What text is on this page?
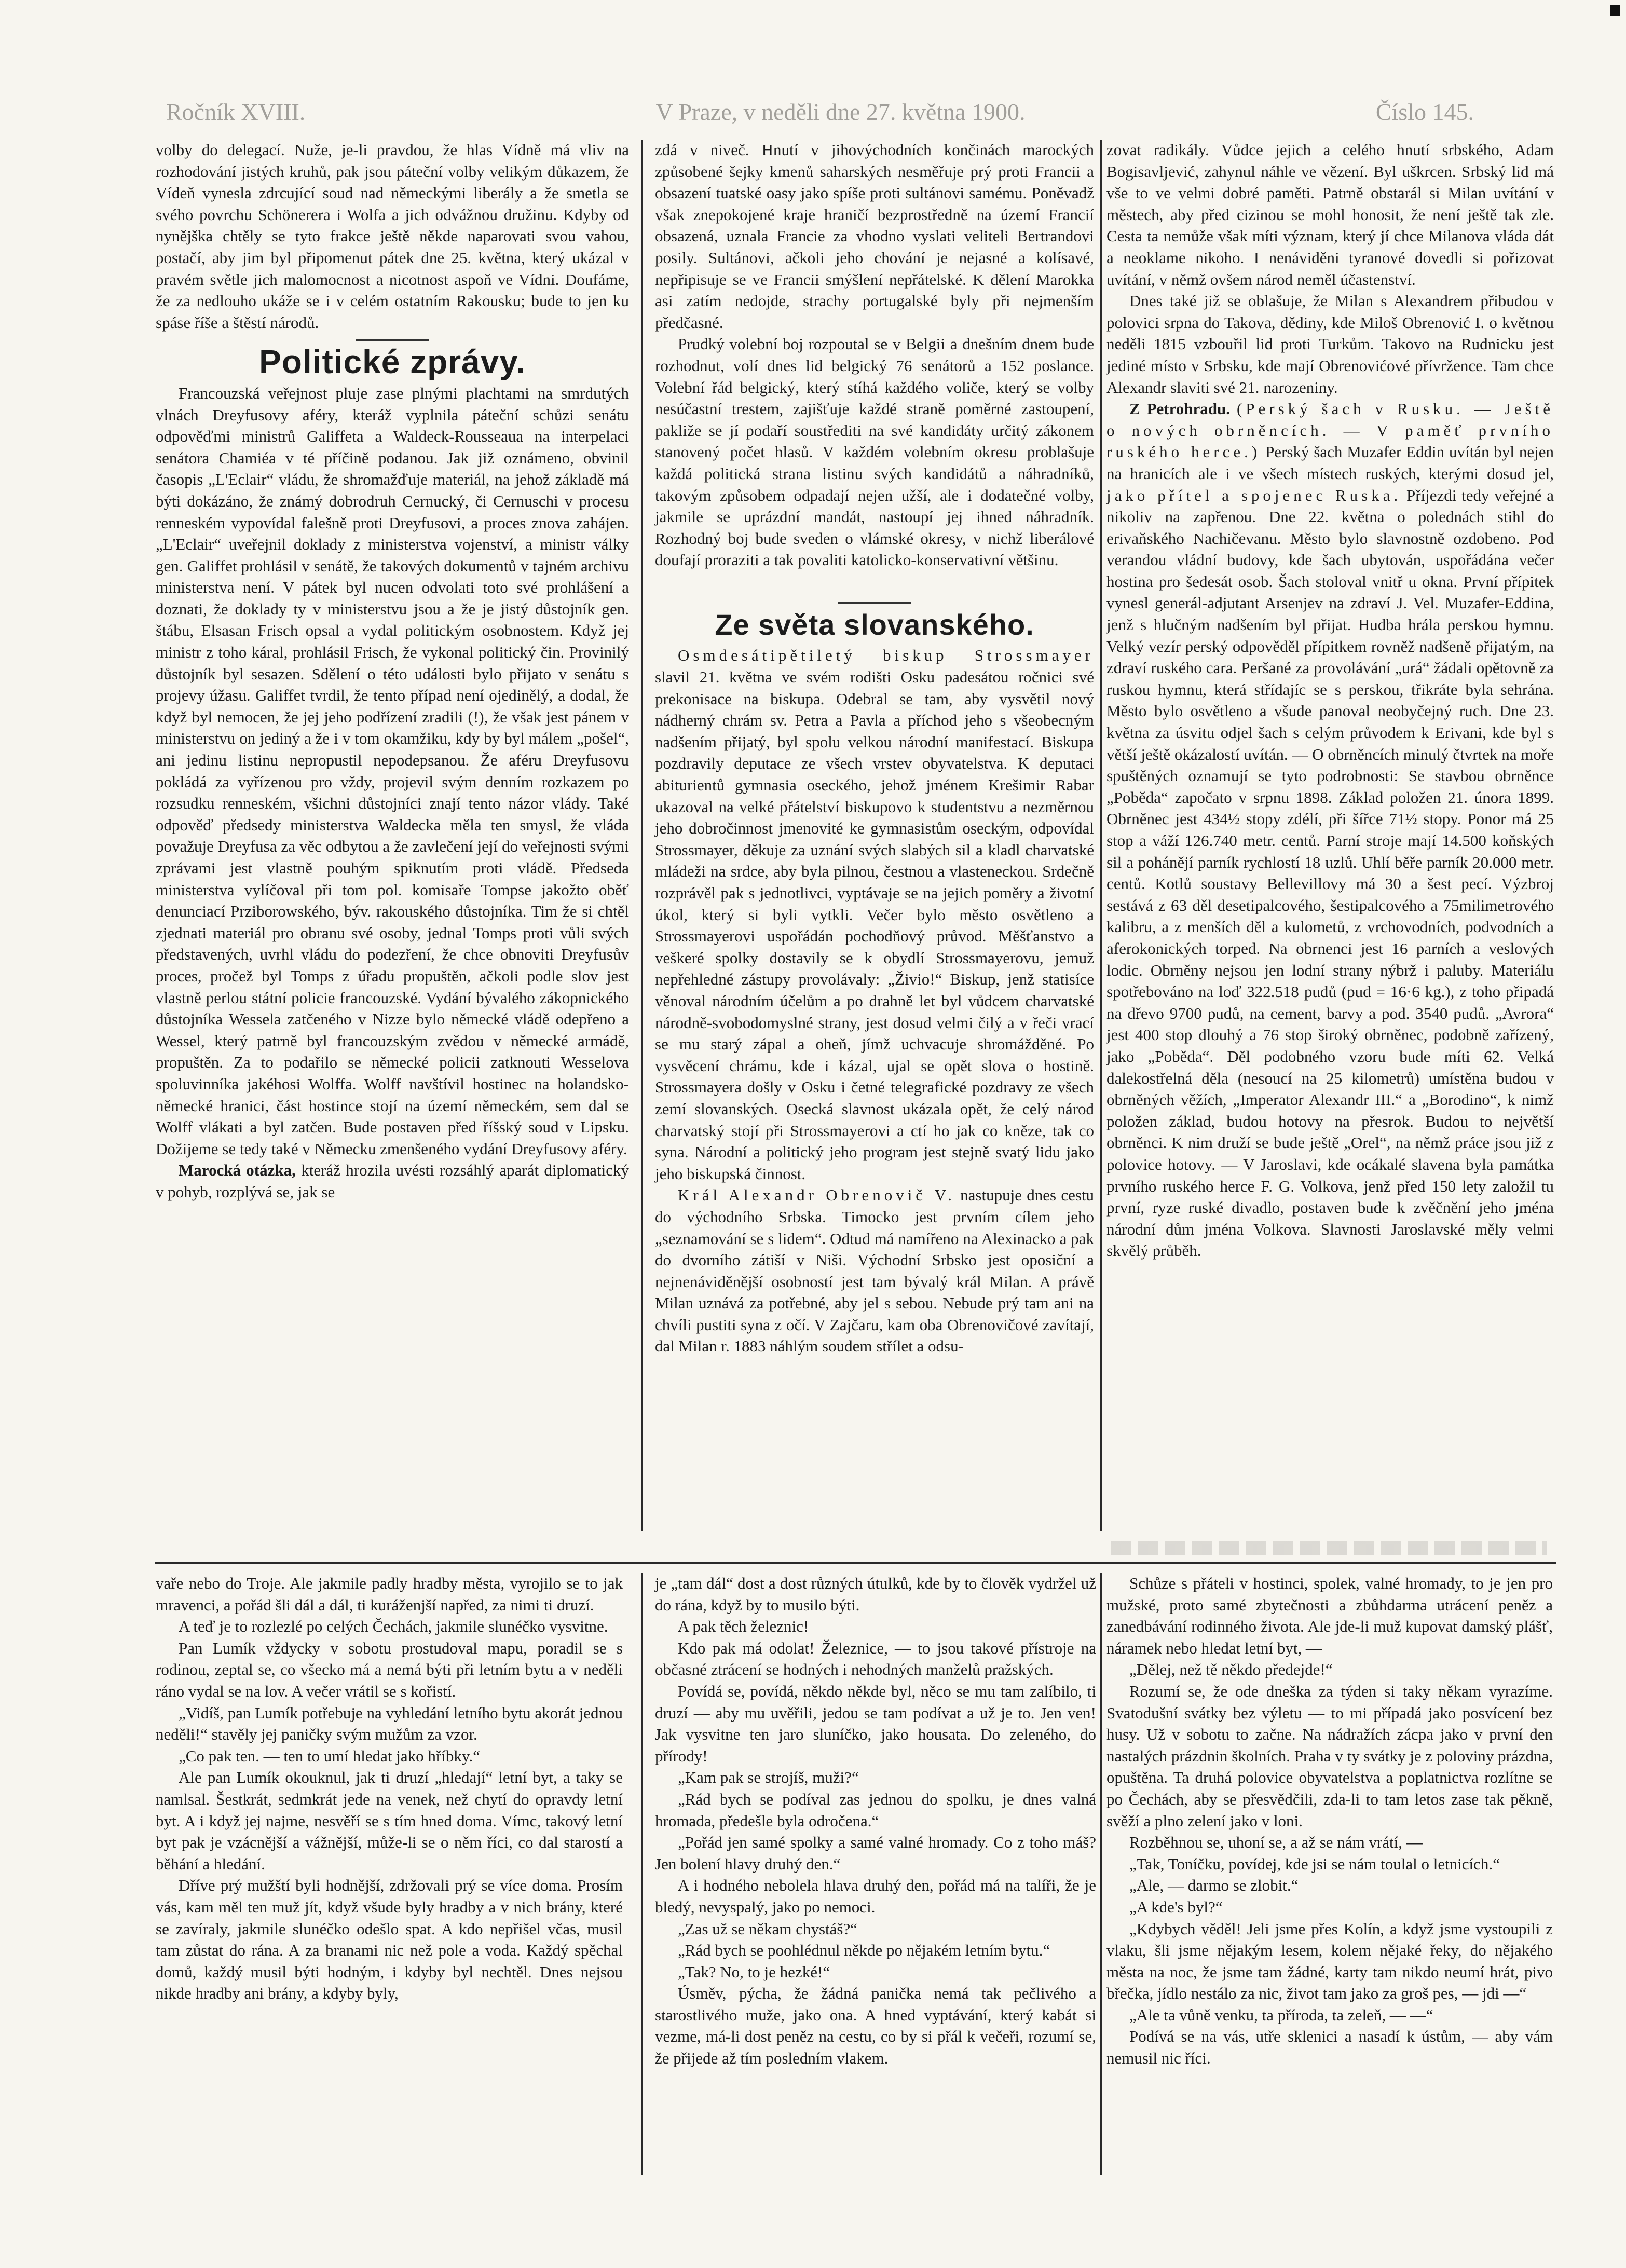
Ročník XVIII.	V Praze, v neděli dne 27. května 1900.	Číslo 145.

volby do delegací. Nuže, je-li pravdou, že hlas Vídně má vliv na rozhodování jistých kruhů, pak jsou páteční volby velikým důkazem, že Vídeň vynesla zdrcující soud nad německými liberály a že smetla se svého povrchu Schönerera i Wolfa a jich odvážnou družinu. Kdyby od nynějška chtěly se tyto frakce ještě někde naparovati svou vahou, postačí, aby jim byl připomenut pátek dne 25. května, který ukázal v pravém světle jich malomocnost a nicotnost aspoň ve Vídni. Doufáme, že za nedlouho ukáže se i v celém ostatním Rakousku; bude to jen ku spáse říše a štěstí národů.

Politické zprávy.

Francouzská veřejnost pluje zase plnými plachtami na smrdutých vlnách Dreyfusovy aféry, kteráž vyplnila páteční schůzi senátu odpověďmi ministrů Galiffeta a Waldeck-Rousseaua na interpelaci senátora Chamiéa v té příčině podanou. Jak již oznámeno, obvinil časopis „L'Eclair“ vládu, že shromažďuje materiál, na jehož základě má býti dokázáno, že známý dobrodruh Cernucký, či Cernuschi v procesu renneském vypovídal falešně proti Dreyfusovi, a proces znova zahájen. „L'Eclair“ uveřejnil doklady z ministerstva vojenství, a ministr války gen. Galiffet prohlásil v senátě, že takových dokumentů v tajném archivu ministerstva není. V pátek byl nucen odvolati toto své prohlášení a doznati, že doklady ty v ministerstvu jsou a že je jistý důstojník gen. štábu, Elsasan Frisch opsal a vydal politickým osobnostem. Když jej ministr z toho káral, prohlásil Frisch, že vykonal politický čin. Provinilý důstojník byl sesazen. Sdělení o této události bylo přijato v senátu s projevy úžasu. Galiffet tvrdil, že tento případ není ojedinělý, a dodal, že když byl nemocen, že jej jeho podřízení zradili (!), že však jest pánem v ministerstvu on jediný a že i v tom okamžiku, kdy by byl málem „pošel“, ani jedinu listinu nepropustil nepodepsanou. Že aféru Dreyfusovu pokládá za vyřízenou pro vždy, projevil svým denním rozkazem po rozsudku renneském, všichni důstojníci znají tento názor vlády. Také odpověď předsedy ministerstva Waldecka měla ten smysl, že vláda považuje Dreyfusa za věc odbytou a že zavlečení její do veřejnosti svými zprávami jest vlastně pouhým spiknutím proti vládě. Předseda ministerstva vylíčoval při tom pol. komisaře Tompse jakožto oběť denunciací Prziborowského, býv. rakouského důstojníka. Tim že si chtěl zjednati materiál pro obranu své osoby, jednal Tomps proti vůli svých představených, uvrhl vládu do podezření, že chce obnoviti Dreyfusův proces, pročež byl Tomps z úřadu propuštěn, ačkoli podle slov jest vlastně perlou státní policie francouzské. Vydání bývalého zákopnického důstojníka Wessela zatčeného v Nizze bylo německé vládě odepřeno a Wessel, který patrně byl francouzským zvědou v německé armádě, propuštěn. Za to podařilo se německé policii zatknouti Wesselova spoluvinníka jakéhosi Wolffa. Wolff navštívil hostinec na holandsko-německé hranici, část hostince stojí na území německém, sem dal se Wolff vlákati a byl zatčen. Bude postaven před říšský soud v Lipsku. Dožijeme se tedy také v Německu zmenšeného vydání Dreyfusovy aféry.

Marocká otázka, kteráž hrozila uvésti rozsáhlý aparát diplomatický v pohyb, rozplývá se, jak se

zdá v niveč. Hnutí v jihovýchodních končinách marockých způsobené šejky kmenů saharských nesměřuje prý proti Francii a obsazení tuatské oasy jako spíše proti sultánovi samému. Poněvadž však znepokojené kraje hraničí bezprostředně na území Francií obsazená, uznala Francie za vhodno vyslati veliteli Bertrandovi posily. Sultánovi, ačkoli jeho chování je nejasné a kolísavé, nepřipisuje se ve Francii smýšlení nepřátelské. K dělení Marokka asi zatím nedojde, strachy portugalské byly při nejmenším předčasné.

Prudký volební boj rozpoutal se v Belgii a dnešním dnem bude rozhodnut, volí dnes lid belgický 76 senátorů a 152 poslance. Volební řád belgický, který stíhá každého voliče, který se volby nesúčastní trestem, zajišťuje každé straně poměrné zastoupení, pakliže se jí podaří soustřediti na své kandidáty určitý zákonem stanovený počet hlasů. V každém volebním okresu problašuje každá politická strana listinu svých kandidátů a náhradníků, takovým způsobem odpadají nejen užší, ale i dodatečné volby, jakmile se uprázdní mandát, nastoupí jej ihned náhradník. Rozhodný boj bude sveden o vlámské okresy, v nichž liberálové doufají proraziti a tak povaliti katolicko-konservativní většinu.

Ze světa slovanského.

Osmdesátipětiletý biskup Strossmayer slavil 21. května ve svém rodišti Osku padesátou ročnici své prekonisace na biskupa. Odebral se tam, aby vysvětil nový nádherný chrám sv. Petra a Pavla a příchod jeho s všeobecným nadšením přijatý, byl spolu velkou národní manifestací. Biskupa pozdravily deputace ze všech vrstev obyvatelstva. K deputaci abiturientů gymnasia oseckého, jehož jménem Krešimir Rabar ukazoval na velké přátelství biskupovo k studentstvu a nezměrnou jeho dobročinnost jmenovité ke gymnasistům oseckým, odpovídal Strossmayer, děkuje za uznání svých slabých sil a kladl charvatské mládeži na srdce, aby byla pilnou, čestnou a vlasteneckou. Srdečně rozprávěl pak s jednotlivci, vyptávaje se na jejich poměry a životní úkol, který si byli vytkli. Večer bylo město osvětleno a Strossmayerovi uspořádán pochodňový průvod. Měšťanstvo a veškeré spolky dostavily se k obydlí Strossmayerovu, jemuž nepřehledné zástupy provolávaly: „Živio!“ Biskup, jenž statisíce věnoval národním účelům a po drahně let byl vůdcem charvatské národně-svobodomyslné strany, jest dosud velmi čilý a v řeči vrací se mu starý zápal a oheň, jímž uchvacuje shromážděné. Po vysvěcení chrámu, kde i kázal, ujal se opět slova o hostině. Strossmayera došly v Osku i četné telegrafické pozdravy ze všech zemí slovanských. Osecká slavnost ukázala opět, že celý národ charvatský stojí při Strossmayerovi a ctí ho jak co kněze, tak co syna. Národní a politický jeho program jest stejně svatý lidu jako jeho biskupská činnost.

Král Alexandr Obrenovič V. nastupuje dnes cestu do východního Srbska. Timocko jest prvním cílem jeho „seznamování se s lidem“. Odtud má namířeno na Alexinacko a pak do dvorního zátiší v Niši. Východní Srbsko jest oposiční a nejnenáviděnější osobností jest tam bývalý král Milan. A právě Milan uznává za potřebné, aby jel s sebou. Nebude prý tam ani na chvíli pustiti syna z očí. V Zajčaru, kam oba Obrenovičové zavítají, dal Milan r. 1883 náhlým soudem střílet a odsu-

zovat radikály. Vůdce jejich a celého hnutí srbského, Adam Bogisavljević, zahynul náhle ve vězení. Byl uškrcen. Srbský lid má vše to ve velmi dobré paměti. Patrně obstarál si Milan uvítání v městech, aby před cizinou se mohl honosit, že není ještě tak zle. Cesta ta nemůže však míti význam, který jí chce Milanova vláda dát a neoklame nikoho. I nenáviděni tyranové dovedli si pořizovat uvítání, v němž ovšem národ neměl účastenství.

Dnes také již se oblašuje, že Milan s Alexandrem přibudou v polovici srpna do Takova, dědiny, kde Miloš Obrenović I. o květnou neděli 1815 vzbouřil lid proti Turkům. Takovo na Rudnicku jest jediné místo v Srbsku, kde mají Obrenovićové přívržence. Tam chce Alexandr slaviti své 21. narozeniny.

Z Petrohradu. (Perský šach v Rusku. — Ještě o nových obrněncích. — V paměť prvního ruského herce.) Perský šach Muzafer Eddin uvítán byl nejen na hranicích ale i ve všech místech ruských, kterými dosud jel, jako přítel a spojenec Ruska. Příjezdi tedy veřejné a nikoliv na zapřenou. Dne 22. května o polednách stihl do erivaňského Nachičevanu. Město bylo slavnostně ozdobeno. Pod verandou vládní budovy, kde šach ubytován, uspořádána večer hostina pro šedesát osob. Šach stoloval vnitř u okna. První přípitek vynesl generál-adjutant Arsenjev na zdraví J. Vel. Muzafer-Eddina, jenž s hlučným nadšením byl přijat. Hudba hrála perskou hymnu. Velký vezír perský odpověděl přípitkem rovněž nadšeně přijatým, na zdraví ruského cara. Peršané za provolávání „urá“ žádali opětovně za ruskou hymnu, která střídajíc se s perskou, třikráte byla sehrána. Město bylo osvětleno a všude panoval neobyčejný ruch. Dne 23. května za úsvitu odjel šach s celým průvodem k Erivani, kde byl s větší ještě okázalostí uvítán. — O obrněncích minulý čtvrtek na moře spuštěných oznamují se tyto podrobnosti: Se stavbou obrněnce „Poběda“ započato v srpnu 1898. Základ položen 21. února 1899. Obrněnec jest 434½ stopy zdélí, při šířce 71½ stopy. Ponor má 25 stop a váží 126.740 metr. centů. Parní stroje mají 14.500 koňských sil a pohánějí parník rychlostí 18 uzlů. Uhlí běře parník 20.000 metr. centů. Kotlů soustavy Bellevillovy má 30 a šest pecí. Výzbroj sestává z 63 děl desetipalcového, šestipalcového a 75milimetrového kalibru, a z menších děl a kulometů, z vrchovodních, podvodních a aferokonických torped. Na obrnenci jest 16 parních a veslových lodic. Obrněny nejsou jen lodní strany nýbrž i paluby. Materiálu spotřebováno na loď 322.518 pudů (pud = 16·6 kg.), z toho připadá na dřevo 9700 pudů, na cement, barvy a pod. 3540 pudů. „Avrora“ jest 400 stop dlouhý a 76 stop široký obrněnec, podobně zařízený, jako „Poběda“. Děl podobného vzoru bude míti 62. Velká dalekostřelná děla (nesoucí na 25 kilometrů) umístěna budou v obrněných věžích, „Imperator Alexandr III.“ a „Borodino“, k nimž položen základ, budou hotovy na přesrok. Budou to největší obrněnci. K nim druží se bude ještě „Orel“, na němž práce jsou již z polovice hotovy. — V Jaroslavi, kde ocákalé slavena byla památka prvního ruského herce F. G. Volkova, jenž před 150 lety založil tu první, ryze ruské divadlo, postaven bude k zvěčnění jeho jména národní dům jména Volkova. Slavnosti Jaroslavské měly velmi skvělý průběh.

vaře nebo do Troje. Ale jakmile padly hradby města, vyrojilo se to jak mravenci, a pořád šli dál a dál, ti kuráženjší napřed, za nimi ti druzí.

A teď je to rozlezlé po celých Čechách, jakmile slunéčko vysvitne.

Pan Lumík vždycky v sobotu prostudoval mapu, poradil se s rodinou, zeptal se, co všecko má a nemá býti při letním bytu a v neděli ráno vydal se na lov. A večer vrátil se s kořistí.

„Vidíš, pan Lumík potřebuje na vyhledání letního bytu akorát jednou neděli!“ stavěly jej paničky svým mužům za vzor.

„Co pak ten. — ten to umí hledat jako hříbky.“

Ale pan Lumík okouknul, jak ti druzí „hledají“ letní byt, a taky se namlsal. Šestkrát, sedmkrát jede na venek, než chytí do opravdy letní byt. A i když jej najme, nesvěří se s tím hned doma. Vímc, takový letní byt pak je vzácnější a vážnější, může-li se o něm říci, co dal starostí a běhání a hledání.

Dříve prý mužští byli hodnější, zdržovali prý se více doma. Prosím vás, kam měl ten muž jít, když všude byly hradby a v nich brány, které se zavíraly, jakmile slunéčko odešlo spat. A kdo nepřišel včas, musil tam zůstat do rána. A za branami nic než pole a voda. Každý spěchal domů, každý musil býti hodným, i kdyby byl nechtěl. Dnes nejsou nikde hradby ani brány, a kdyby byly,

je „tam dál“ dost a dost různých útulků, kde by to člověk vydržel už do rána, když by to musilo býti.

A pak těch železnic!

Kdo pak má odolat! Železnice, — to jsou takové přístroje na občasné ztrácení se hodných i nehodných manželů pražských.

Povídá se, povídá, někdo někde byl, něco se mu tam zalíbilo, ti druzí — aby mu uvěřili, jedou se tam podívat a už je to. Jen ven! Jak vysvitne ten jaro sluníčko, jako housata. Do zeleného, do přírody!

„Kam pak se strojíš, muži?“

„Rád bych se podíval zas jednou do spolku, je dnes valná hromada, předešle byla odročena.“

„Pořád jen samé spolky a samé valné hromady. Co z toho máš? Jen bolení hlavy druhý den.“

A i hodného nebolela hlava druhý den, pořád má na talíři, že je bledý, nevyspalý, jako po nemoci.

„Zas už se někam chystáš?“

„Rád bych se poohlédnul někde po nějakém letním bytu.“

„Tak? No, to je hezké!“

Úsměv, pýcha, že žádná panička nemá tak pečlivého a starostlivého muže, jako ona. A hned vyptávání, který kabát si vezme, má-li dost peněz na cestu, co by si přál k večeři, rozumí se, že přijede až tím posledním vlakem.

Schůze s přáteli v hostinci, spolek, valné hromady, to je jen pro mužské, proto samé zbytečnosti a zbůhdarma utrácení peněz a zanedbávání rodinného života. Ale jde-li muž kupovat damský plášť, náramek nebo hledat letní byt, —

„Dělej, než tě někdo předejde!“

Rozumí se, že ode dneška za týden si taky někam vyrazíme. Svatodušní svátky bez výletu — to mi případá jako posvícení bez husy. Už v sobotu to začne. Na nádražích zácpa jako v první den nastalých prázdnin školních. Praha v ty svátky je z poloviny prázdna, opuštěna. Ta druhá polovice obyvatelstva a poplatnictva rozlítne se po Čechách, aby se přesvědčili, zda-li to tam letos zase tak pěkně, svěží a plno zelení jako v loni.

Rozběhnou se, uhoní se, a až se nám vrátí, —

„Tak, Toníčku, povídej, kde jsi se nám toulal o letnicích.“

„Ale, — darmo se zlobit.“

„A kde's byl?“

„Kdybych věděl! Jeli jsme přes Kolín, a když jsme vystoupili z vlaku, šli jsme nějakým lesem, kolem nějaké řeky, do nějakého města na noc, že jsme tam žádné, karty tam nikdo neumí hrát, pivo břečka, jídlo nestálo za nic, život tam jako za groš pes, — jdi —“

„Ale ta vůně venku, ta příroda, ta zeleň, — —“

Podívá se na vás, utře sklenici a nasadí k ústům, — aby vám nemusil nic říci.
